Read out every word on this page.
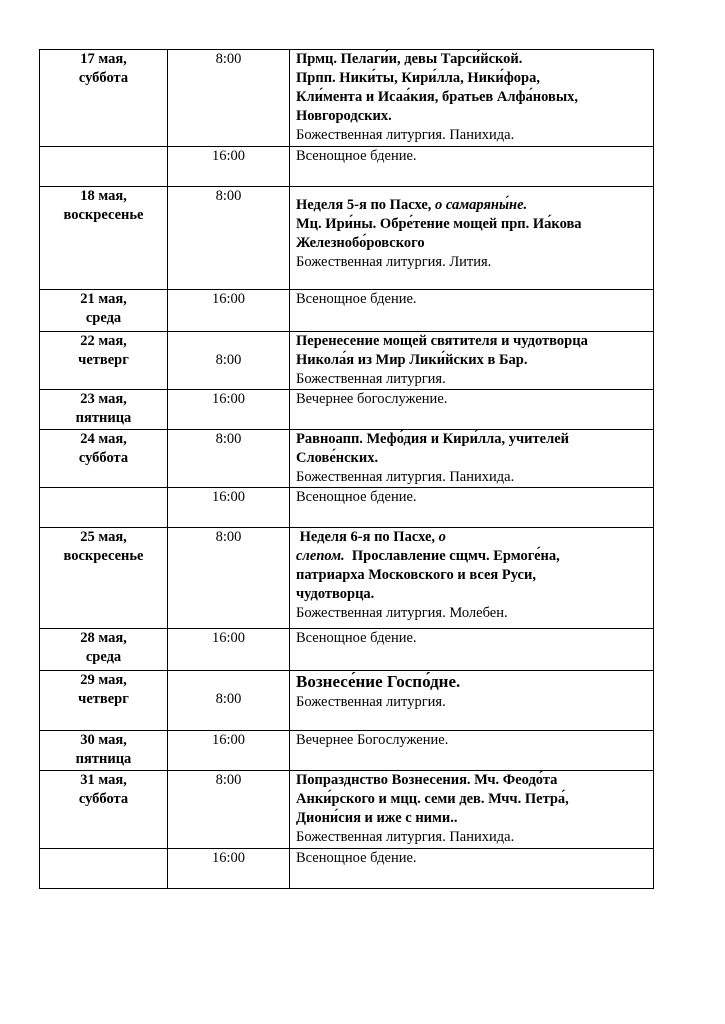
17 мая,
суббота	8:00	Прмц. Пелаги́и, девы Тарси́йской.
Прпп. Ники́ты, Кири́лла, Ники́фора,
Кли́мента и Исаа́кия, братьев Алфа́новых,
Новгородских.
Божественная литургия. Панихида.

	16:00	Всенощное бдение.

18 мая,
воскресенье	8:00	Неделя 5-я по Пасхе, о самаряны́не.
Мц. Ири́ны. Обре́тение мощей прп. Иа́кова
Железнобо́ровского
Божественная литургия. Лития.

21 мая,
среда	16:00	Всенощное бдение.

22 мая,
четверг	8:00	Перенесение мощей святителя и чудотворца
Никола́я из Мир Лики́йских в Бар.
Божественная литургия.

23 мая,
пятница	16:00	Вечернее богослужение.

24 мая,
суббота	8:00	Равноапп. Мефо́дия и Кири́лла, учителей
Слове́нских.
Божественная литургия. Панихида.

	16:00	Всенощное бдение.

25 мая,
воскресенье	8:00	Неделя 6-я по Пасхе, о
слепом.  Прославление сщмч. Ермоге́на,
патриарха Московского и всея Руси,
чудотворца.
Божественная литургия. Молебен.

28 мая,
среда	16:00	Всенощное бдение.

29 мая,
четверг	8:00	Вознесе́ние Госпо́дне.
Божественная литургия.

30 мая,
пятница	16:00	Вечернее Богослужение.

31 мая,
суббота	8:00	Попразднство Вознесения. Мч. Феодо́та
Анки́рского и мцц. семи дев. Мчч. Петра́,
Диони́сия и иже с ними..
Божественная литургия. Панихида.

	16:00	Всенощное бдение.
